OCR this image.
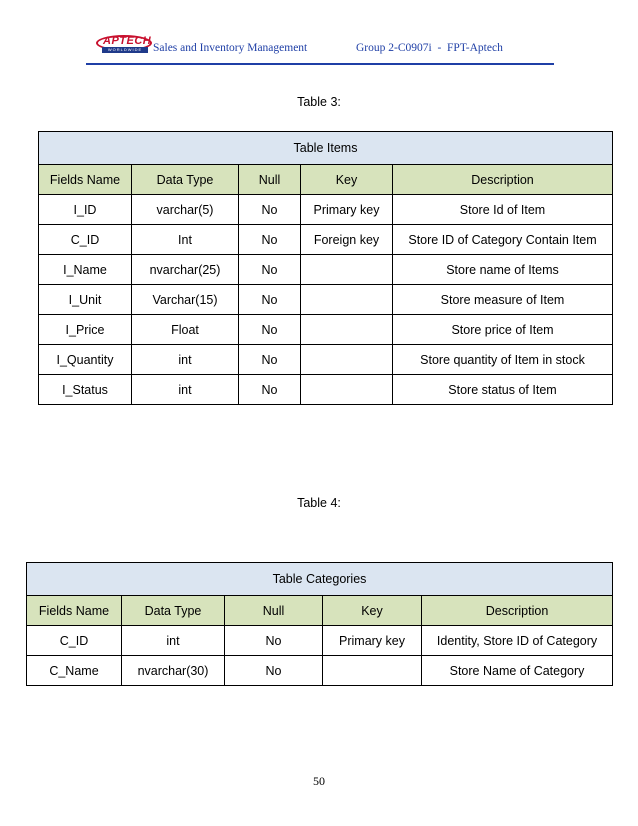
APTECH
WORLDWIDE Sales and Inventory Management	Group 2-C0907i  -  FPT-Aptech
Table 3:
Table Items				
Fields Name	Data Type	Null	Key	Description
I_ID	varchar(5)	No	Primary key	Store Id of Item
C_ID	Int	No	Foreign key	Store ID of Category Contain Item
I_Name	nvarchar(25)	No		Store name of Items
I_Unit	Varchar(15)	No		Store measure of Item
I_Price	Float	No		Store price of Item
I_Quantity	int	No		Store quantity of Item in stock
I_Status	int	No		Store status of Item
Table 4:
Table Categories				
Fields Name	Data Type	Null	Key	Description
C_ID	int	No	Primary key	Identity, Store ID of Category
C_Name	nvarchar(30)	No		Store Name of Category
50
